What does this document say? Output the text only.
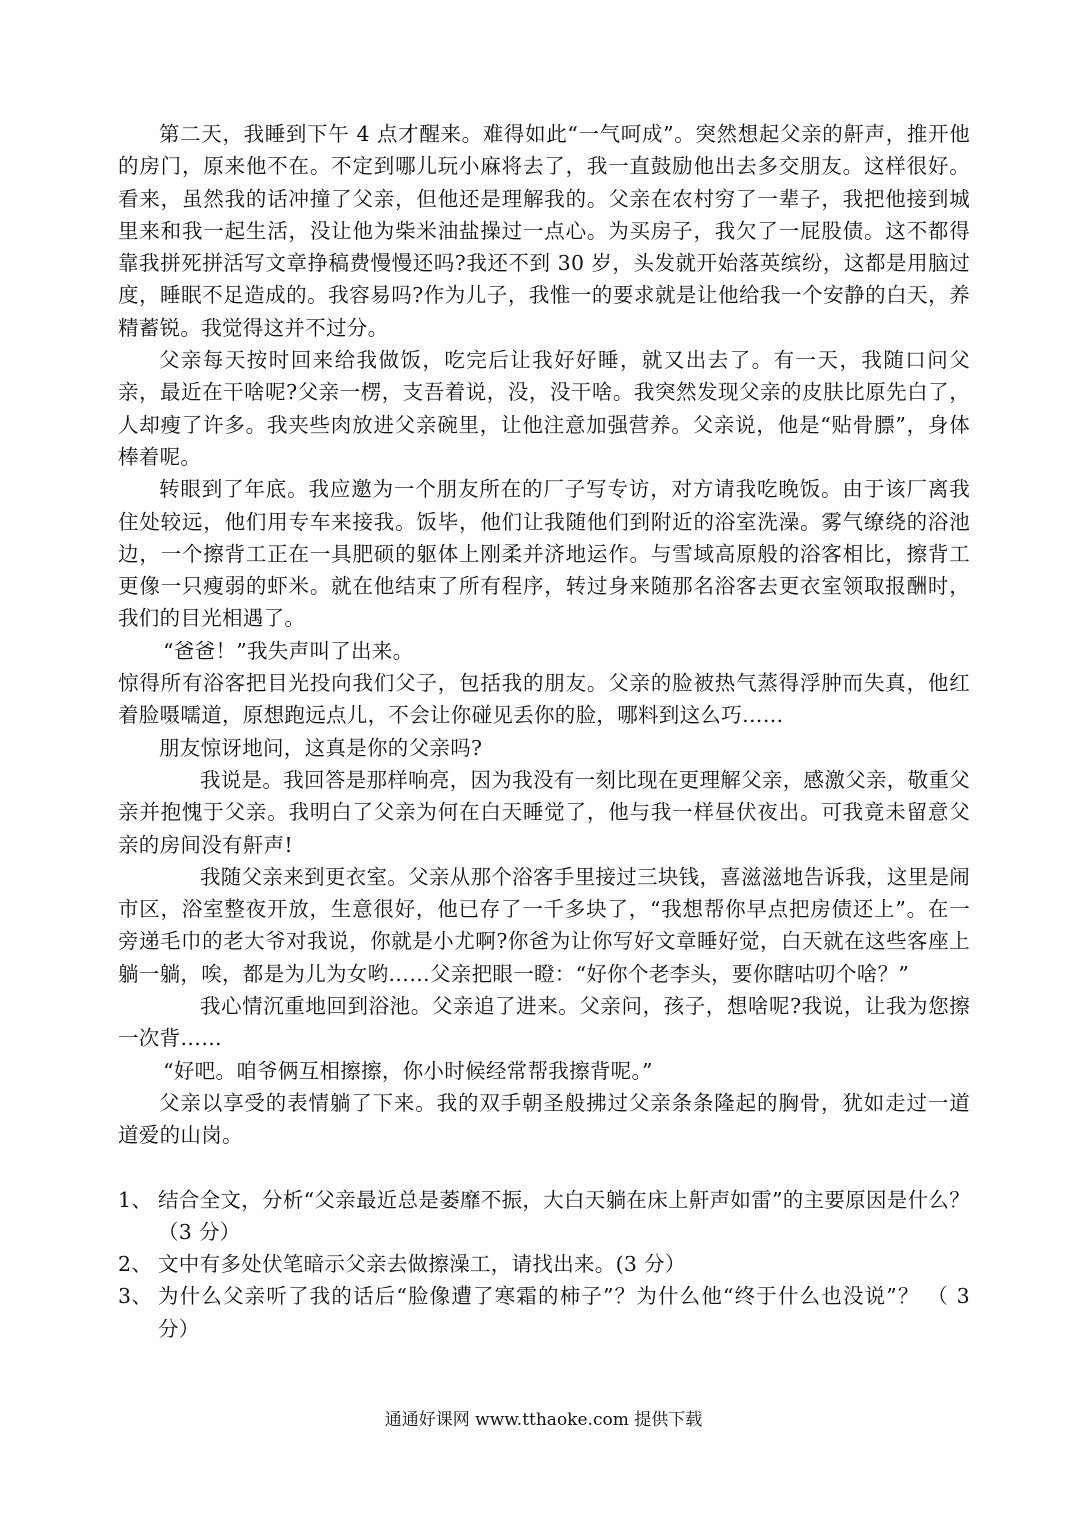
第二天，我睡到下午 4 点才醒来。难得如此“一气呵成”。突然想起父亲的鼾声，推开他的房门，原来他不在。不定到哪儿玩小麻将去了，我一直鼓励他出去多交朋友。这样很好。看来，虽然我的话冲撞了父亲，但他还是理解我的。父亲在农村穷了一辈子，我把他接到城里来和我一起生活，没让他为柴米油盐操过一点心。为买房子，我欠了一屁股债。这不都得靠我拼死拼活写文章挣稿费慢慢还吗?我还不到 30 岁，头发就开始落英缤纷，这都是用脑过度，睡眠不足造成的。我容易吗?作为儿子，我惟一的要求就是让他给我一个安静的白天，养精蓄锐。我觉得这并不过分。

父亲每天按时回来给我做饭，吃完后让我好好睡，就又出去了。有一天，我随口问父亲，最近在干啥呢?父亲一楞，支吾着说，没，没干啥。我突然发现父亲的皮肤比原先白了，人却瘦了许多。我夹些肉放进父亲碗里，让他注意加强营养。父亲说，他是“贴骨膘”，身体棒着呢。

转眼到了年底。我应邀为一个朋友所在的厂子写专访，对方请我吃晚饭。由于该厂离我住处较远，他们用专车来接我。饭毕，他们让我随他们到附近的浴室洗澡。雾气缭绕的浴池边，一个擦背工正在一具肥硕的躯体上刚柔并济地运作。与雪域高原般的浴客相比，擦背工更像一只瘦弱的虾米。就在他结束了所有程序，转过身来随那名浴客去更衣室领取报酬时，我们的目光相遇了。

“爸爸！”我失声叫了出来。

惊得所有浴客把目光投向我们父子，包括我的朋友。父亲的脸被热气蒸得浮肿而失真，他红着脸嗫嚅道，原想跑远点儿，不会让你碰见丢你的脸，哪料到这么巧……

朋友惊讶地问，这真是你的父亲吗?

我说是。我回答是那样响亮，因为我没有一刻比现在更理解父亲，感激父亲，敬重父亲并抱愧于父亲。我明白了父亲为何在白天睡觉了，他与我一样昼伏夜出。可我竟未留意父亲的房间没有鼾声!

我随父亲来到更衣室。父亲从那个浴客手里接过三块钱，喜滋滋地告诉我，这里是闹市区，浴室整夜开放，生意很好，他已存了一千多块了，“我想帮你早点把房债还上”。在一旁递毛巾的老大爷对我说，你就是小尤啊?你爸为让你写好文章睡好觉，白天就在这些客座上躺一躺，唉，都是为儿为女哟……父亲把眼一瞪：“好你个老李头，要你瞎咕叨个啥？”

我心情沉重地回到浴池。父亲追了进来。父亲问，孩子，想啥呢?我说，让我为您擦一次背……

“好吧。咱爷俩互相擦擦，你小时候经常帮我擦背呢。”

父亲以享受的表情躺了下来。我的双手朝圣般拂过父亲条条隆起的胸骨，犹如走过一道道爱的山岗。

1、 结合全文，分析“父亲最近总是萎靡不振，大白天躺在床上鼾声如雷”的主要原因是什么？ （3 分）

2、 文中有多处伏笔暗示父亲去做擦澡工，请找出来。(3 分）

3、 为什么父亲听了我的话后“脸像遭了寒霜的柿子”？为什么他“终于什么也没说”？ （ 3 分）

通通好课网 www.tthaoke.com 提供下载
